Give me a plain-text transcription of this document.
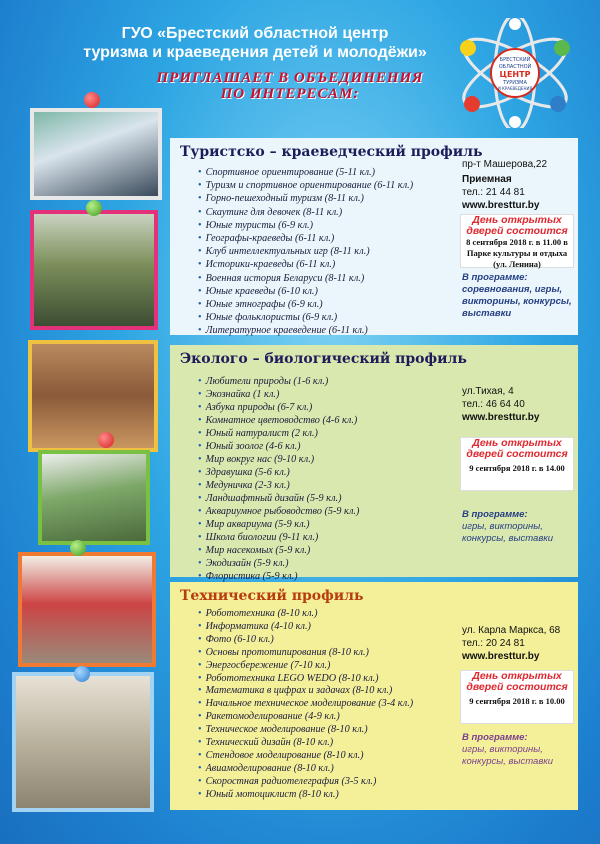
ГУО «Брестский областной центр
туризма и краеведения детей и молодёжи»
ПРИГЛАШАЕТ В ОБЪЕДИНЕНИЯ
ПО ИНТЕРЕСАМ:
БРЕСТСКИЙ
ОБЛАСТНОЙ
ЦЕНТР
ТУРИЗМА
И КРАЕВЕДЕНИЯ
Туристско – краеведческий профиль
• Спортивное ориентирование (5-11 кл.)
• Туризм и спортивное ориентирование (6-11 кл.)
• Горно-пешеходный туризм (8-11 кл.)
• Скаутинг для девочек (8-11 кл.)
• Юные туристы (6-9 кл.)
• Географы-краеведы (6-11 кл.)
• Клуб интеллектуальных игр (8-11 кл.)
• Историки-краеведы (6-11 кл.)
• Военная история Беларуси (8-11 кл.)
• Юные краеведы (6-10 кл.)
• Юные этнографы (6-9 кл.)
• Юные фольклористы (6-9 кл.)
• Литературное краеведение (6-11 кл.)
пр-т Машерова,22
Приемная
тел.: 21 44 81
www.bresttur.by
День открытых дверей состоится
8 сентября 2018 г. в 11.00 в Парке культуры и отдыха (ул. Ленина)
В программе: соревнования, игры, викторины, конкурсы, выставки
Эколого – биологический профиль
• Любители природы (1-6 кл.)
• Экознайка (1 кл.)
• Азбука природы (6-7 кл.)
• Комнатное цветоводство (4-6 кл.)
• Юный натуралист (2 кл.)
• Юный зоолог (4-6 кл.)
• Мир вокруг нас (9-10 кл.)
• Здравушка (5-6 кл.)
• Медуничка (2-3 кл.)
• Ландшафтный дизайн (5-9 кл.)
• Аквариумное рыбоводство (5-9 кл.)
• Мир аквариума (5-9 кл.)
• Школа биологии (9-11 кл.)
• Мир насекомых (5-9 кл.)
• Экодизайн (5-9 кл.)
• Флористика (5-9 кл.)
ул.Тихая, 4
тел.: 46 64 40
www.bresttur.by
День открытых дверей состоится
9 сентября 2018 г. в 14.00
В программе:
игры, викторины, конкурсы, выставки
Технический профиль
• Робототехника (8-10 кл.)
• Информатика (4-10 кл.)
• Фото (6-10 кл.)
• Основы прототипирования (8-10 кл.)
• Энергосбережение (7-10 кл.)
• Робототехника LEGO WEDO (8-10 кл.)
• Математика в цифрах и задачах (8-10 кл.)
• Начальное техническое моделирование (3-4 кл.)
• Ракетомоделирование (4-9 кл.)
• Техническое моделирование (8-10 кл.)
• Технический дизайн (8-10 кл.)
• Стендовое моделирование (8-10 кл.)
• Авиамоделирование (8-10 кл.)
• Скоростная радиотелеграфия (3-5 кл.)
• Юный мотоциклист (8-10 кл.)
ул. Карла Маркса, 68
тел.: 20 24 81
www.bresttur.by
День открытых дверей состоится
9 сентября 2018 г. в 10.00
В программе:
игры, викторины, конкурсы, выставки
